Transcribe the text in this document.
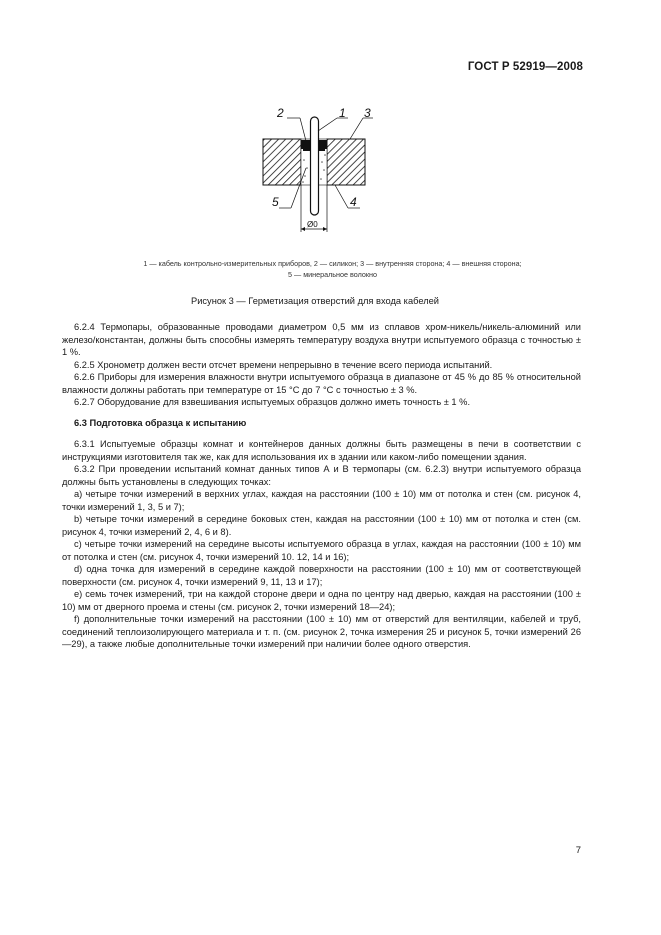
ГОСТ Р 52919—2008
Ø0
2	1 3
5	4
1 — кабель контрольно-измерительных приборов, 2 — силикон; 3 — внутренняя сторона; 4 — внешняя сторона;
5 — минеральное волокно
Рисунок 3 — Герметизация отверстий для входа кабелей

6.2.4 Термопары, образованные проводами диаметром 0,5 мм из сплавов хром-никель/никель-алюминий или железо/константан, должны быть способны измерять температуру воздуха внутри испытуемого образца с точностью ± 1 %.

6.2.5 Хронометр должен вести отсчет времени непрерывно в течение всего периода испытаний.

6.2.6 Приборы для измерения влажности внутри испытуемого образца в диапазоне от 45 % до 85 % относительной влажности должны работать при температуре от 15 °С до 7 °С с точностью ± 3 %.

6.2.7 Оборудование для взвешивания испытуемых образцов должно иметь точность ± 1 %.

6.3 Подготовка образца к испытанию

6.3.1 Испытуемые образцы комнат и контейнеров данных должны быть размещены в печи в соответствии с инструкциями изготовителя так же, как для использования их в здании или каком-либо помещении здания.

6.3.2 При проведении испытаний комнат данных типов А и В термопары (см. 6.2.3) внутри испытуемого образца должны быть установлены в следующих точках:

а) четыре точки измерений в верхних углах, каждая на расстоянии (100 ± 10) мм от потолка и стен (см. рисунок 4, точки измерений 1, 3, 5 и 7);

b) четыре точки измерений в середине боковых стен, каждая на расстоянии (100 ± 10) мм от потолка и стен (см. рисунок 4, точки измерений 2, 4, 6 и 8).

с) четыре точки измерений на середине высоты испытуемого образца в углах, каждая на расстоянии (100 ± 10) мм от потолка и стен (см. рисунок 4, точки измерений 10. 12, 14 и 16);

d) одна точка для измерений в середине каждой поверхности на расстоянии (100 ± 10) мм от соответствующей поверхности (см. рисунок 4, точки измерений 9, 11, 13 и 17);

е) семь точек измерений, три на каждой стороне двери и одна по центру над дверью, каждая на расстоянии (100 ± 10) мм от дверного проема и стены (см. рисунок 2, точки измерений 18—24);

f) дополнительные точки измерений на расстоянии (100 ± 10) мм от отверстий для вентиляции, кабелей и труб, соединений теплоизолирующего материала и т. п. (см. рисунок 2, точка измерения 25 и рисунок 5, точки измерений 26—29), а также любые дополнительные точки измерений при наличии более одного отверстия.

7
